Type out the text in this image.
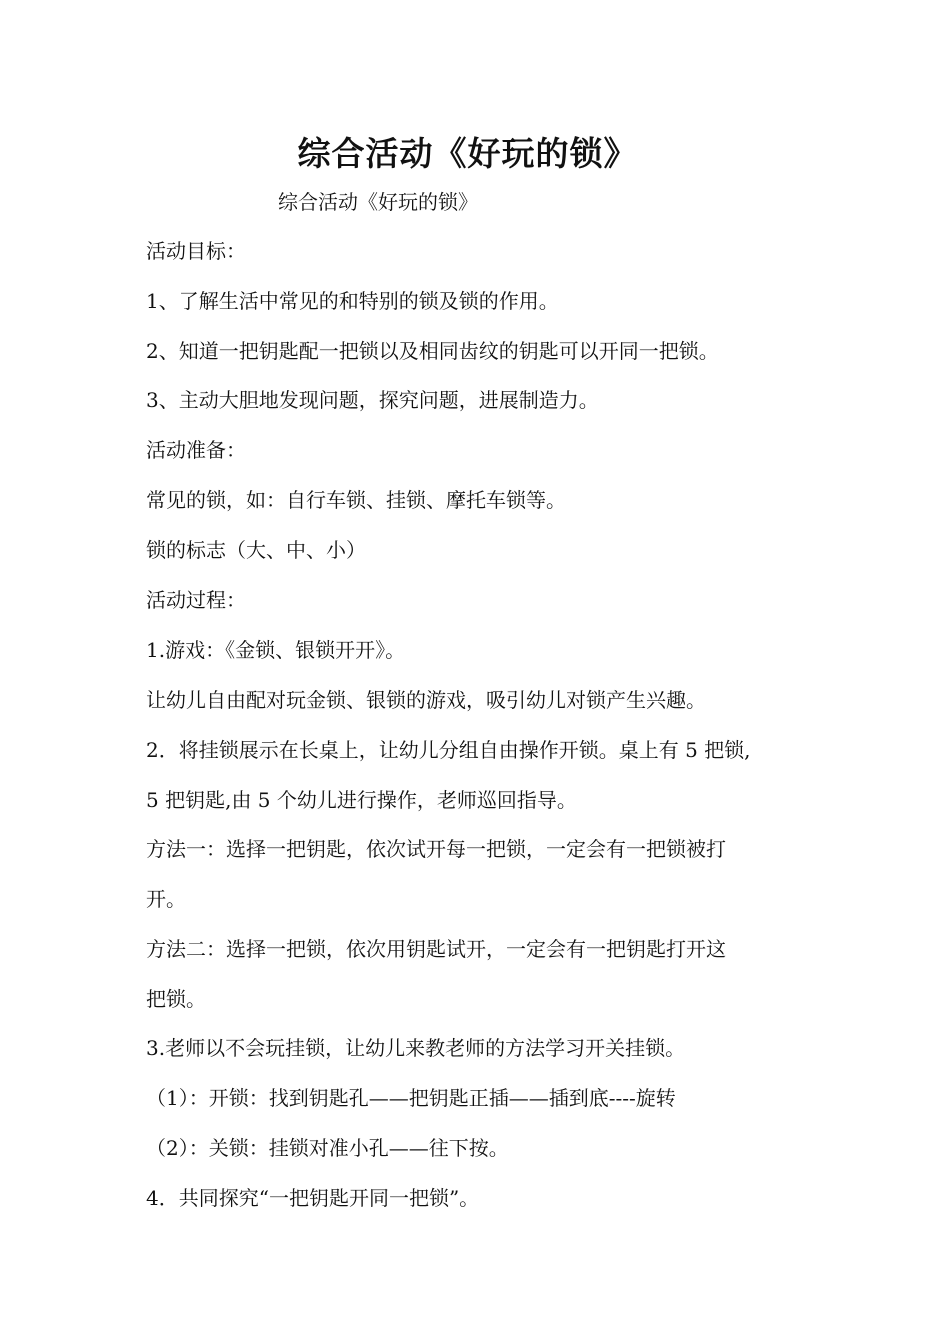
综合活动《好玩的锁》
综合活动《好玩的锁》
活动目标：
1、了解生活中常见的和特别的锁及锁的作用。
2、知道一把钥匙配一把锁以及相同齿纹的钥匙可以开同一把锁。
3、主动大胆地发现问题，探究问题，进展制造力。
活动准备：
常见的锁，如：自行车锁、挂锁、摩托车锁等。
锁的标志（大、中、小）
活动过程：
1.游戏：《金锁、银锁开开》。
让幼儿自由配对玩金锁、银锁的游戏，吸引幼儿对锁产生兴趣。
2．将挂锁展示在长桌上，让幼儿分组自由操作开锁。桌上有 5 把锁,
5 把钥匙,由 5 个幼儿进行操作，老师巡回指导。
方法一：选择一把钥匙，依次试开每一把锁，一定会有一把锁被打
开。
方法二：选择一把锁，依次用钥匙试开，一定会有一把钥匙打开这
把锁。
3.老师以不会玩挂锁，让幼儿来教老师的方法学习开关挂锁。
（1）：开锁：找到钥匙孔——把钥匙正插——插到底----旋转
（2）：关锁：挂锁对准小孔——往下按。
4．共同探究“一把钥匙开同一把锁”。
